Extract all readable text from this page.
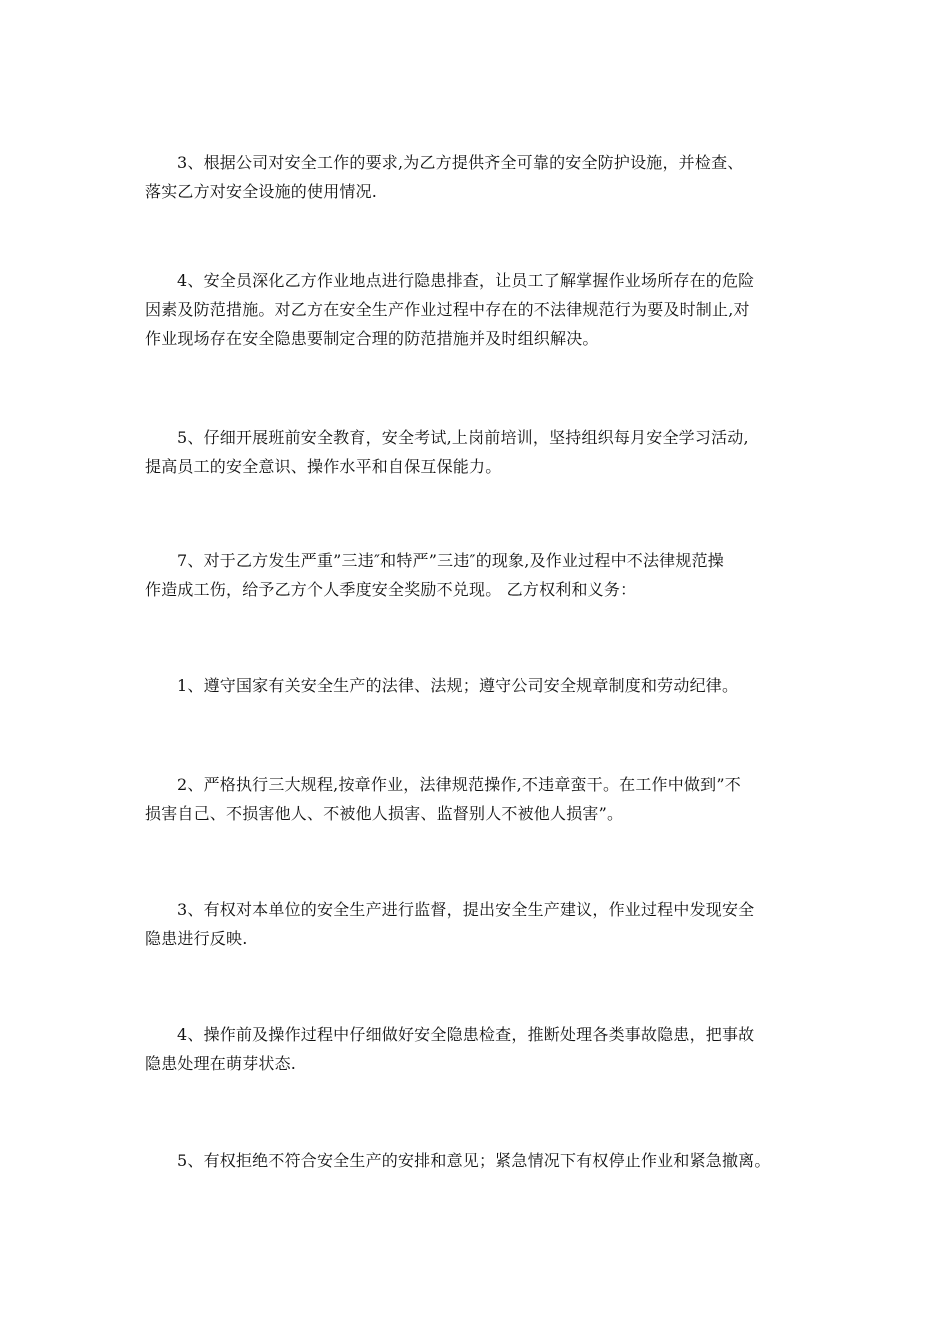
3、根据公司对安全工作的要求,为乙方提供齐全可靠的安全防护设施，并检查、
落实乙方对安全设施的使用情况.

4、安全员深化乙方作业地点进行隐患排查，让员工了解掌握作业场所存在的危险
因素及防范措施。对乙方在安全生产作业过程中存在的不法律规范行为要及时制止,对
作业现场存在安全隐患要制定合理的防范措施并及时组织解决。

5、仔细开展班前安全教育，安全考试,上岗前培训，坚持组织每月安全学习活动,
提高员工的安全意识、操作水平和自保互保能力。

7、对于乙方发生严重”三违″和特严”三违″的现象,及作业过程中不法律规范操
作造成工伤，给予乙方个人季度安全奖励不兑现。 乙方权利和义务：

1、遵守国家有关安全生产的法律、法规；遵守公司安全规章制度和劳动纪律。

2、严格执行三大规程,按章作业，法律规范操作,不违章蛮干。在工作中做到”不
损害自己、不损害他人、不被他人损害、监督别人不被他人损害”。

3、有权对本单位的安全生产进行监督，提出安全生产建议，作业过程中发现安全
隐患进行反映.

4、操作前及操作过程中仔细做好安全隐患检查，推断处理各类事故隐患，把事故
隐患处理在萌芽状态.

5、有权拒绝不符合安全生产的安排和意见；紧急情况下有权停止作业和紧急撤离。
